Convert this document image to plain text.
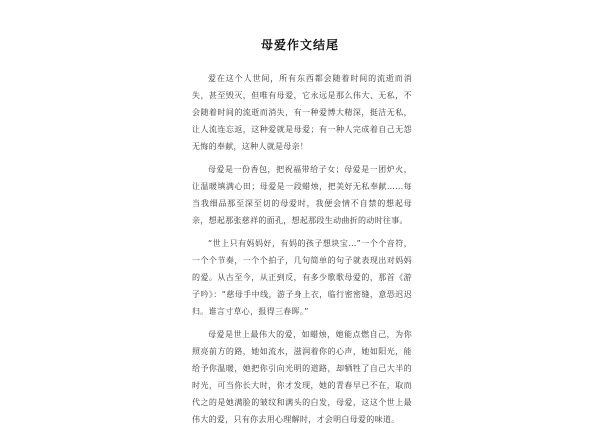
母爱作文结尾

爱在这个人世间，所有东西都会随着时间的流逝而消失，甚至毁灭，但唯有母爱，它永远是那么伟大、无私，不会随着时间的流逝而消失，有一种爱博大精深，挺洁无私，让人流连忘返，这种爱就是母爱；有一种人完成着自己无怨无悔的奉献，这种人就是母亲！

母爱是一份香包，把祝福带给子女；母爱是一团炉火，让温暖填满心田；母爱是一段蜡烛，把美好无私奉献……每当我细品那至深至切的母爱时，我便会情不自禁的想起母亲，想起那张慈祥的面孔，想起那段生动曲折的动时往事。

“世上只有妈妈好，有妈的孩子想块宝…”一个个音符，一个个节奏，一个个拍子，几句简单的句子就表现出对妈妈的爱。从古至今，从正到反，有多少歌歌母爱的，那首《游子吟》：“慈母手中线，游子身上衣，临行密密缝，意恐迟迟归。谁言寸草心，报得三春晖。”

母爱是世上最伟大的爱，如蜡烛，她能点燃自己，为你照亮前方的路，她如流水，滋润着你的心声，她如阳光，能给予你温暖，她把你引向光明的道路，却牺牲了自己大半的时光，可当你长大时，你才发现，她的青春早已不在，取而代之的是她满脸的皱纹和满头的白发，母爱，这这个世上最伟大的爱，只有你去用心理解时，才会明白母爱的味道。
